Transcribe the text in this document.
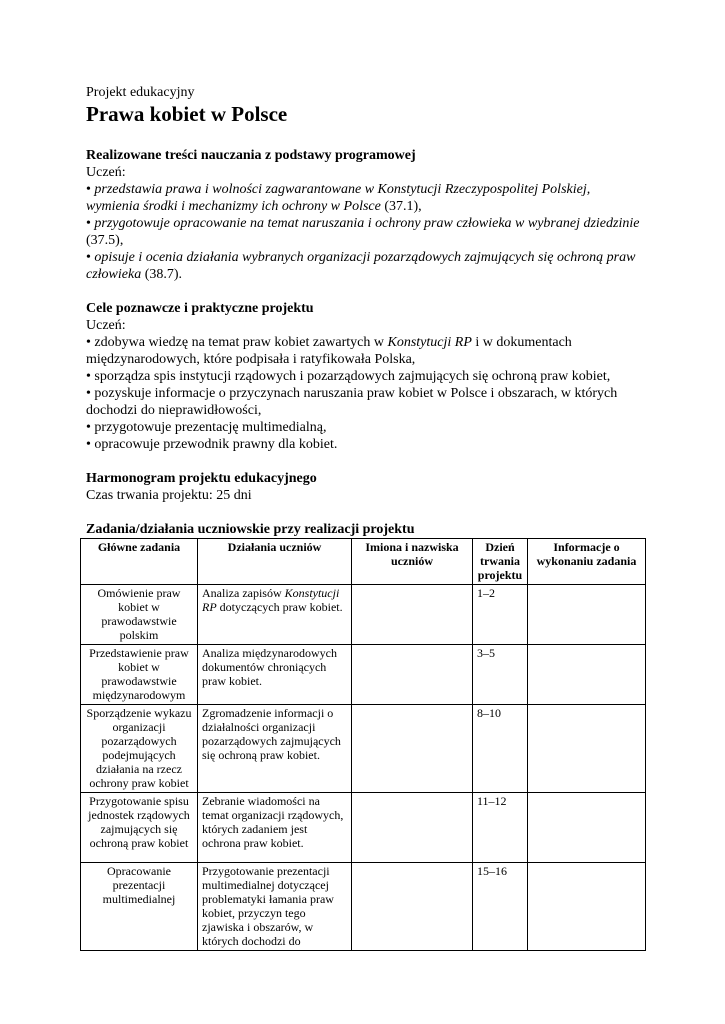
Projekt edukacyjny
Prawa kobiet w Polsce
Realizowane treści nauczania z podstawy programowej
Uczeń:
• przedstawia prawa i wolności zagwarantowane w Konstytucji Rzeczypospolitej Polskiej, wymienia środki i mechanizmy ich ochrony w Polsce (37.1),
• przygotowuje opracowanie na temat naruszania i ochrony praw człowieka w wybranej dziedzinie (37.5),
• opisuje i ocenia działania wybranych organizacji pozarządowych zajmujących się ochroną praw człowieka (38.7).
Cele poznawcze i praktyczne projektu
Uczeń:
• zdobywa wiedzę na temat praw kobiet zawartych w Konstytucji RP i w dokumentach międzynarodowych, które podpisała i ratyfikowała Polska,
• sporządza spis instytucji rządowych i pozarządowych zajmujących się ochroną praw kobiet,
• pozyskuje informacje o przyczynach naruszania praw kobiet w Polsce i obszarach, w których dochodzi do nieprawidłowości,
• przygotowuje prezentację multimedialną,
• opracowuje przewodnik prawny dla kobiet.
Harmonogram projektu edukacyjnego
Czas trwania projektu: 25 dni
Zadania/działania uczniowskie przy realizacji projektu
Główne zadania	Działania uczniów	Imiona i nazwiska uczniów	Dzień trwania projektu	Informacje o wykonaniu zadania
Omówienie praw kobiet w prawodawstwie polskim	Analiza zapisów Konstytucji RP dotyczących praw kobiet.		1–2	
Przedstawienie praw kobiet w prawodawstwie międzynarodowym	Analiza międzynarodowych dokumentów chroniących praw kobiet.		3–5	
Sporządzenie wykazu organizacji pozarządowych podejmujących działania na rzecz ochrony praw kobiet	Zgromadzenie informacji o działalności organizacji pozarządowych zajmujących się ochroną praw kobiet.		8–10	
Przygotowanie spisu jednostek rządowych zajmujących się ochroną praw kobiet	Zebranie wiadomości na temat organizacji rządowych, których zadaniem jest ochrona praw kobiet.		11–12	
Opracowanie prezentacji multimedialnej	Przygotowanie prezentacji multimedialnej dotyczącej problematyki łamania praw kobiet, przyczyn tego zjawiska i obszarów, w których dochodzi do		15–16	
